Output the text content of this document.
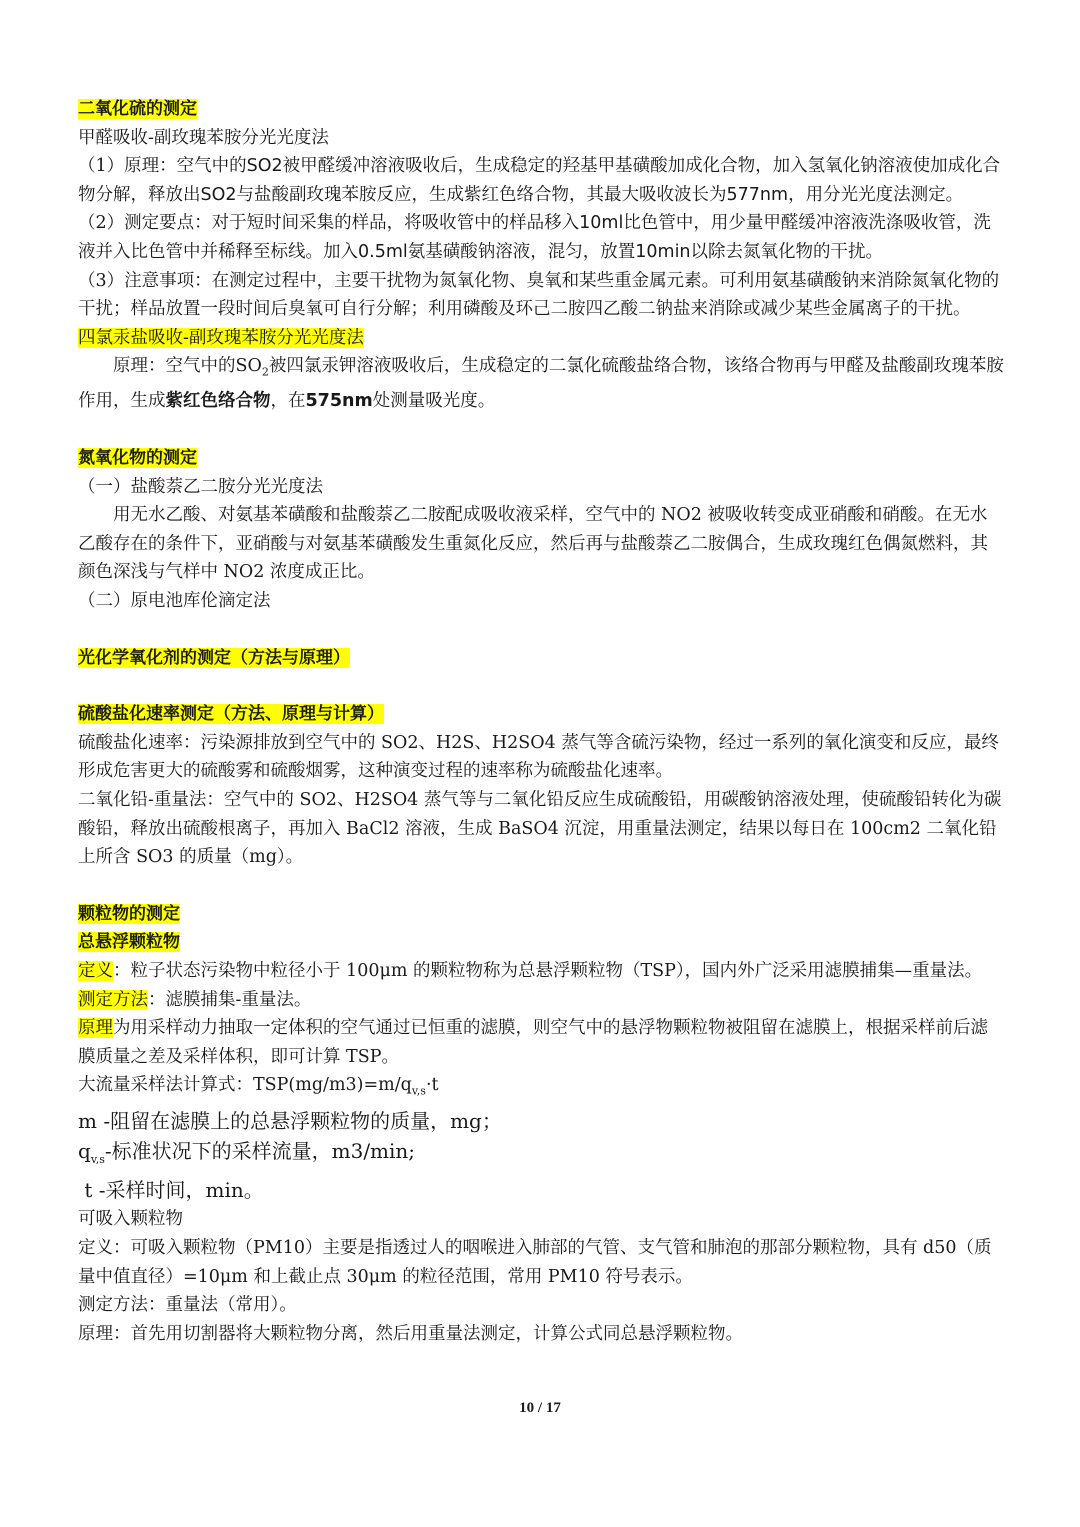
二氧化硫的测定

甲醛吸收-副玫瑰苯胺分光光度法

（1）原理：空气中的SO2被甲醛缓冲溶液吸收后，生成稳定的羟基甲基磺酸加成化合物，加入氢氧化钠溶液使加成化合物分解，释放出SO2与盐酸副玫瑰苯胺反应，生成紫红色络合物，其最大吸收波长为577nm，用分光光度法测定。

（2）测定要点：对于短时间采集的样品，将吸收管中的样品移入10ml比色管中，用少量甲醛缓冲溶液洗涤吸收管，洗液并入比色管中并稀释至标线。加入0.5ml氨基磺酸钠溶液，混匀，放置10min以除去氮氧化物的干扰。

（3）注意事项：在测定过程中，主要干扰物为氮氧化物、臭氧和某些重金属元素。可利用氨基磺酸钠来消除氮氧化物的干扰；样品放置一段时间后臭氧可自行分解；利用磷酸及环己二胺四乙酸二钠盐来消除或减少某些金属离子的干扰。

四氯汞盐吸收-副玫瑰苯胺分光光度法

原理：空气中的$SO_2$被四氯汞钾溶液吸收后，生成稳定的二氯化硫酸盐络合物，该络合物再与甲醛及盐酸副玫瑰苯胺作用，生成紫红色络合物，在575nm处测量吸光度。

氮氧化物的测定

（一）盐酸萘乙二胺分光光度法

用无水乙酸、对氨基苯磺酸和盐酸萘乙二胺配成吸收液采样，空气中的 NO2 被吸收转变成亚硝酸和硝酸。在无水乙酸存在的条件下，亚硝酸与对氨基苯磺酸发生重氮化反应，然后再与盐酸萘乙二胺偶合，生成玫瑰红色偶氮燃料，其颜色深浅与气样中 NO2 浓度成正比。

（二）原电池库伦滴定法

光化学氧化剂的测定（方法与原理）

硫酸盐化速率测定（方法、原理与计算）

硫酸盐化速率：污染源排放到空气中的 SO2、H2S、H2SO4 蒸气等含硫污染物，经过一系列的氧化演变和反应，最终形成危害更大的硫酸雾和硫酸烟雾，这种演变过程的速率称为硫酸盐化速率。

二氧化铅-重量法：空气中的 SO2、H2SO4 蒸气等与二氧化铅反应生成硫酸铅，用碳酸钠溶液处理，使硫酸铅转化为碳酸铅，释放出硫酸根离子，再加入 BaCl2 溶液，生成 BaSO4 沉淀，用重量法测定，结果以每日在 100cm2 二氧化铅上所含 SO3 的质量（mg）。

颗粒物的测定

总悬浮颗粒物

定义：粒子状态污染物中粒径小于 100μm 的颗粒物称为总悬浮颗粒物（TSP），国内外广泛采用滤膜捕集—重量法。

测定方法：滤膜捕集-重量法。

原理为用采样动力抽取一定体积的空气通过已恒重的滤膜，则空气中的悬浮物颗粒物被阻留在滤膜上，根据采样前后滤膜质量之差及采样体积，即可计算 TSP。

大流量采样法计算式：$TSP(mg/m3)=m/q_{v,s}\cdot t$

m -阻留在滤膜上的总悬浮颗粒物的质量，mg；

$q_{v,s}-$标准状况下的采样流量，m3/min;

t -采样时间，min。

可吸入颗粒物

定义：可吸入颗粒物（PM10）主要是指透过人的咽喉进入肺部的气管、支气管和肺泡的那部分颗粒物，具有 d50（质量中值直径）=10μm 和上截止点 30μm 的粒径范围，常用 PM10 符号表示。

测定方法：重量法（常用）。

原理：首先用切割器将大颗粒物分离，然后用重量法测定，计算公式同总悬浮颗粒物。

10 / 17
